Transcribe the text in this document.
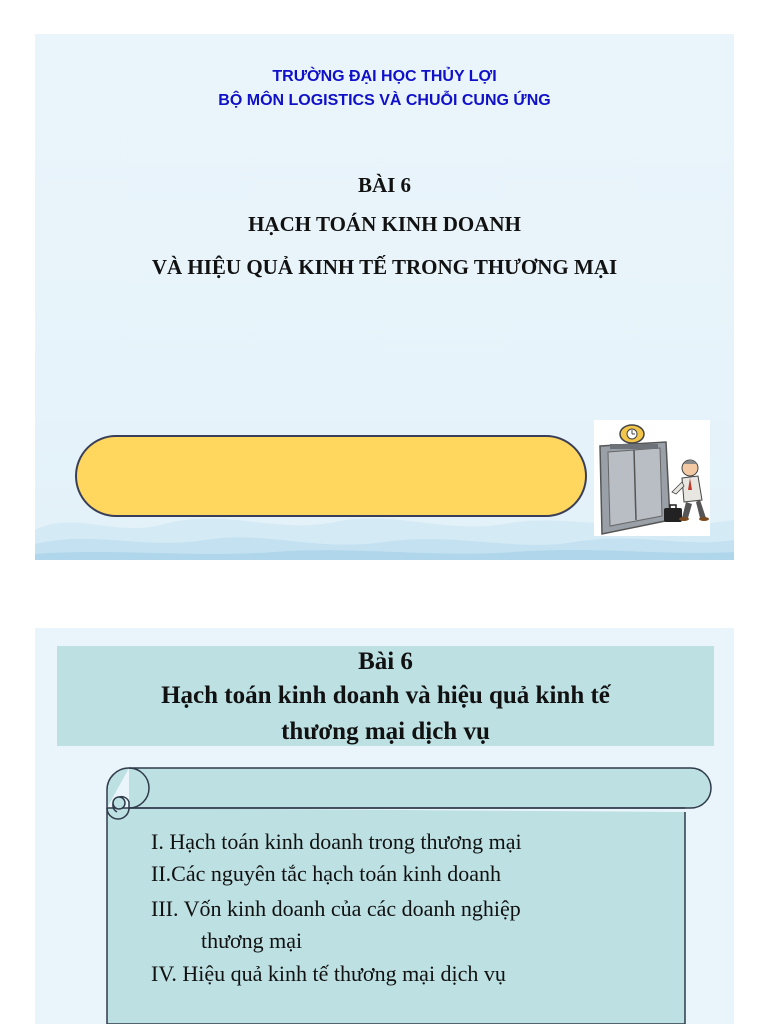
TRƯỜNG ĐẠI HỌC THỦY LỢI
BỘ MÔN LOGISTICS VÀ CHUỖI CUNG ỨNG
BÀI 6
HẠCH TOÁN KINH DOANH
VÀ HIỆU QUẢ KINH TẾ TRONG THƯƠNG MẠI
Bài 6
Hạch toán kinh doanh và hiệu quả kinh tế
thương mại dịch vụ
I. Hạch toán kinh doanh trong thương mại
II.Các nguyên tắc hạch toán kinh doanh
III. Vốn kinh doanh của các doanh nghiệp
thương mại
IV. Hiệu quả kinh tế thương mại dịch vụ
